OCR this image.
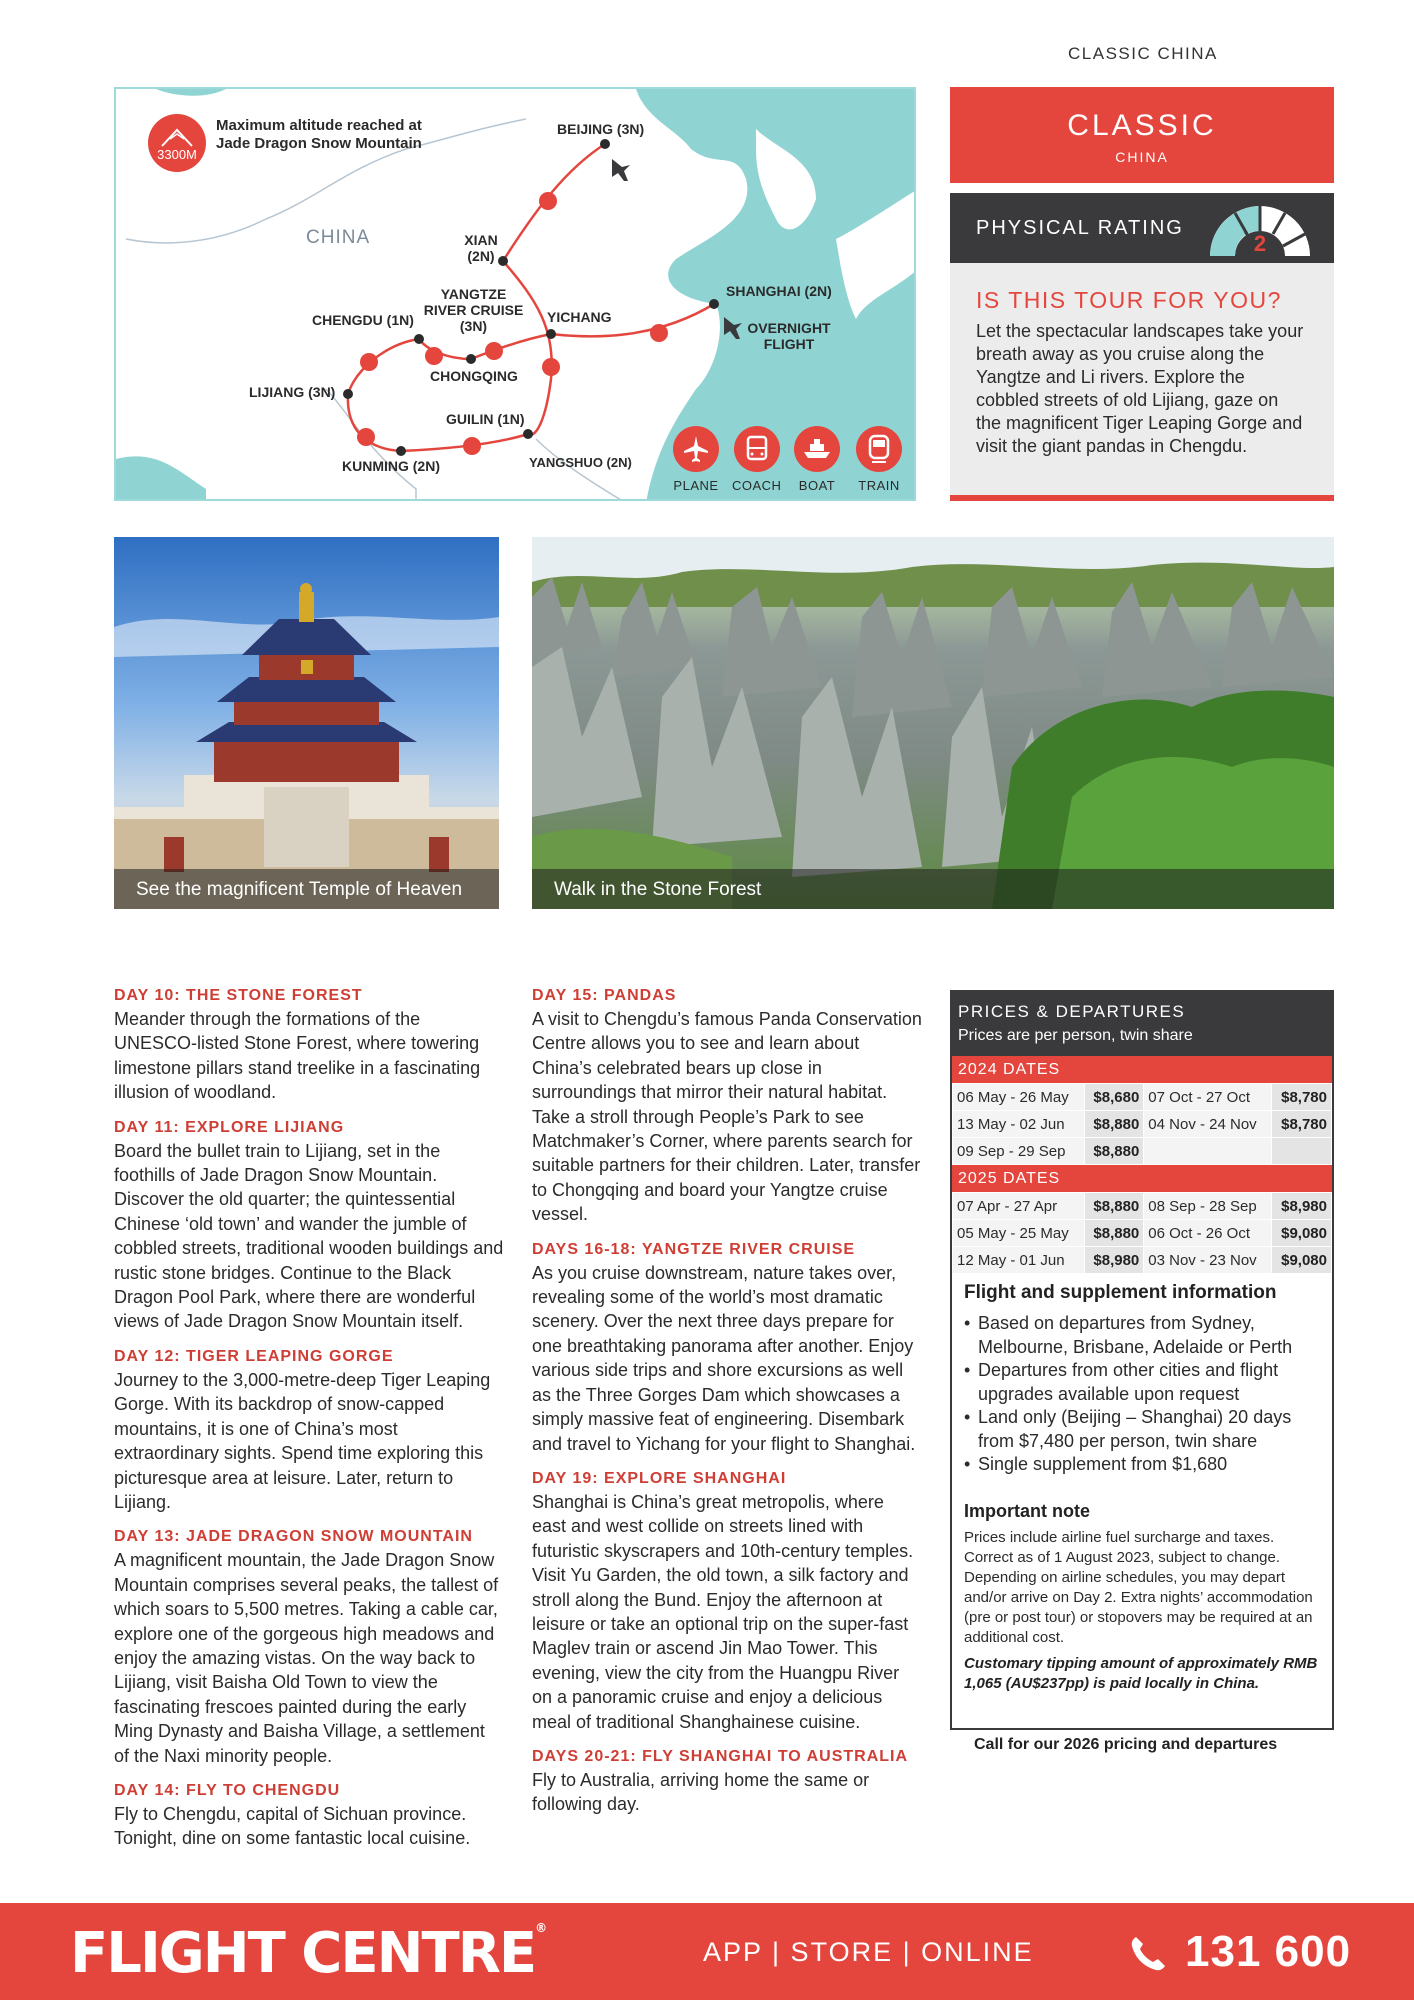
CLASSIC CHINA
3300M
Maximum altitude reached at Jade Dragon Snow Mountain
CHINA
BEIJING (3N)
XIAN (2N)
YANGTZE RIVER CRUISE (3N)
CHENGDU (1N)	YICHANG
SHANGHAI (2N)
OVERNIGHT FLIGHT
CHONGQING
LIJIANG (3N)
GUILIN (1N)
KUNMING (2N)	YANGSHUO (2N)
PLANE COACH	BOAT	TRAIN
CLASSIC
CHINA
PHYSICAL RATING
2
IS THIS TOUR FOR YOU?

Let the spectacular landscapes take your breath away as you cruise along the Yangtze and Li rivers. Explore the cobbled streets of old Lijiang, gaze on the magnificent Tiger Leaping Gorge and visit the giant pandas in Chengdu.

See the magnificent Temple of Heaven	Walk in the Stone Forest
DAY 10: THE STONE FOREST

Meander through the formations of the UNESCO-listed Stone Forest, where towering limestone pillars stand treelike in a fascinating illusion of woodland.

DAY 11: EXPLORE LIJIANG

Board the bullet train to Lijiang, set in the foothills of Jade Dragon Snow Mountain. Discover the old quarter; the quintessential Chinese ‘old town’ and wander the jumble of cobbled streets, traditional wooden buildings and rustic stone bridges. Continue to the Black Dragon Pool Park, where there are wonderful views of Jade Dragon Snow Mountain itself.

DAY 12: TIGER LEAPING GORGE

Journey to the 3,000-metre-deep Tiger Leaping Gorge. With its backdrop of snow-capped mountains, it is one of China’s most extraordinary sights. Spend time exploring this picturesque area at leisure. Later, return to Lijiang.

DAY 13: JADE DRAGON SNOW MOUNTAIN

A magnificent mountain, the Jade Dragon Snow Mountain comprises several peaks, the tallest of which soars to 5,500 metres. Taking a cable car, explore one of the gorgeous high meadows and enjoy the amazing vistas. On the way back to Lijiang, visit Baisha Old Town to view the fascinating frescoes painted during the early Ming Dynasty and Baisha Village, a settlement of the Naxi minority people.

DAY 14: FLY TO CHENGDU

Fly to Chengdu, capital of Sichuan province. Tonight, dine on some fantastic local cuisine.

DAY 15: PANDAS

A visit to Chengdu’s famous Panda Conservation Centre allows you to see and learn about China’s celebrated bears up close in surroundings that mirror their natural habitat. Take a stroll through People’s Park to see Matchmaker’s Corner, where parents search for suitable partners for their children. Later, transfer to Chongqing and board your Yangtze cruise vessel.

DAYS 16-18: YANGTZE RIVER CRUISE

As you cruise downstream, nature takes over, revealing some of the world’s most dramatic scenery. Over the next three days prepare for one breathtaking panorama after another. Enjoy various side trips and shore excursions as well as the Three Gorges Dam which showcases a simply massive feat of engineering. Disembark and travel to Yichang for your flight to Shanghai.

DAY 19: EXPLORE SHANGHAI

Shanghai is China’s great metropolis, where east and west collide on streets lined with futuristic skyscrapers and 10th-century temples. Visit Yu Garden, the old town, a silk factory and stroll along the Bund. Enjoy the afternoon at leisure or take an optional trip on the super-fast Maglev train or ascend Jin Mao Tower. This evening, view the city from the Huangpu River on a panoramic cruise and enjoy a delicious meal of traditional Shanghainese cuisine.

DAYS 20-21: FLY SHANGHAI TO AUSTRALIA

Fly to Australia, arriving home the same or following day.

PRICES & DEPARTURES
Prices are per person, twin share
2024 DATES
06 May - 26 May	$8,680	07 Oct - 27 Oct	$8,780
13 May - 02 Jun	$8,880	04 Nov - 24 Nov	$8,780
09 Sep - 29 Sep	$8,880		
2025 DATES
07 Apr - 27 Apr	$8,880	08 Sep - 28 Sep	$8,980
05 May - 25 May	$8,880	06 Oct - 26 Oct	$9,080
12 May - 01 Jun	$8,980	03 Nov - 23 Nov	$9,080
Flight and supplement information
• Based on departures from Sydney, Melbourne, Brisbane, Adelaide or Perth
• Departures from other cities and flight upgrades available upon request
• Land only (Beijing – Shanghai) 20 days from $7,480 per person, twin share
• Single supplement from $1,680
Important note

Prices include airline fuel surcharge and taxes. Correct as of 1 August 2023, subject to change. Depending on airline schedules, you may depart and/or arrive on Day 2. Extra nights’ accommodation (pre or post tour) or stopovers may be required at an additional cost.

Customary tipping amount of approximately RMB 1,065 (AU$237pp) is paid locally in China.

Call for our 2026 pricing and departures
FLIGHT CENTRE®
APP | STORE | ONLINE	131 600
